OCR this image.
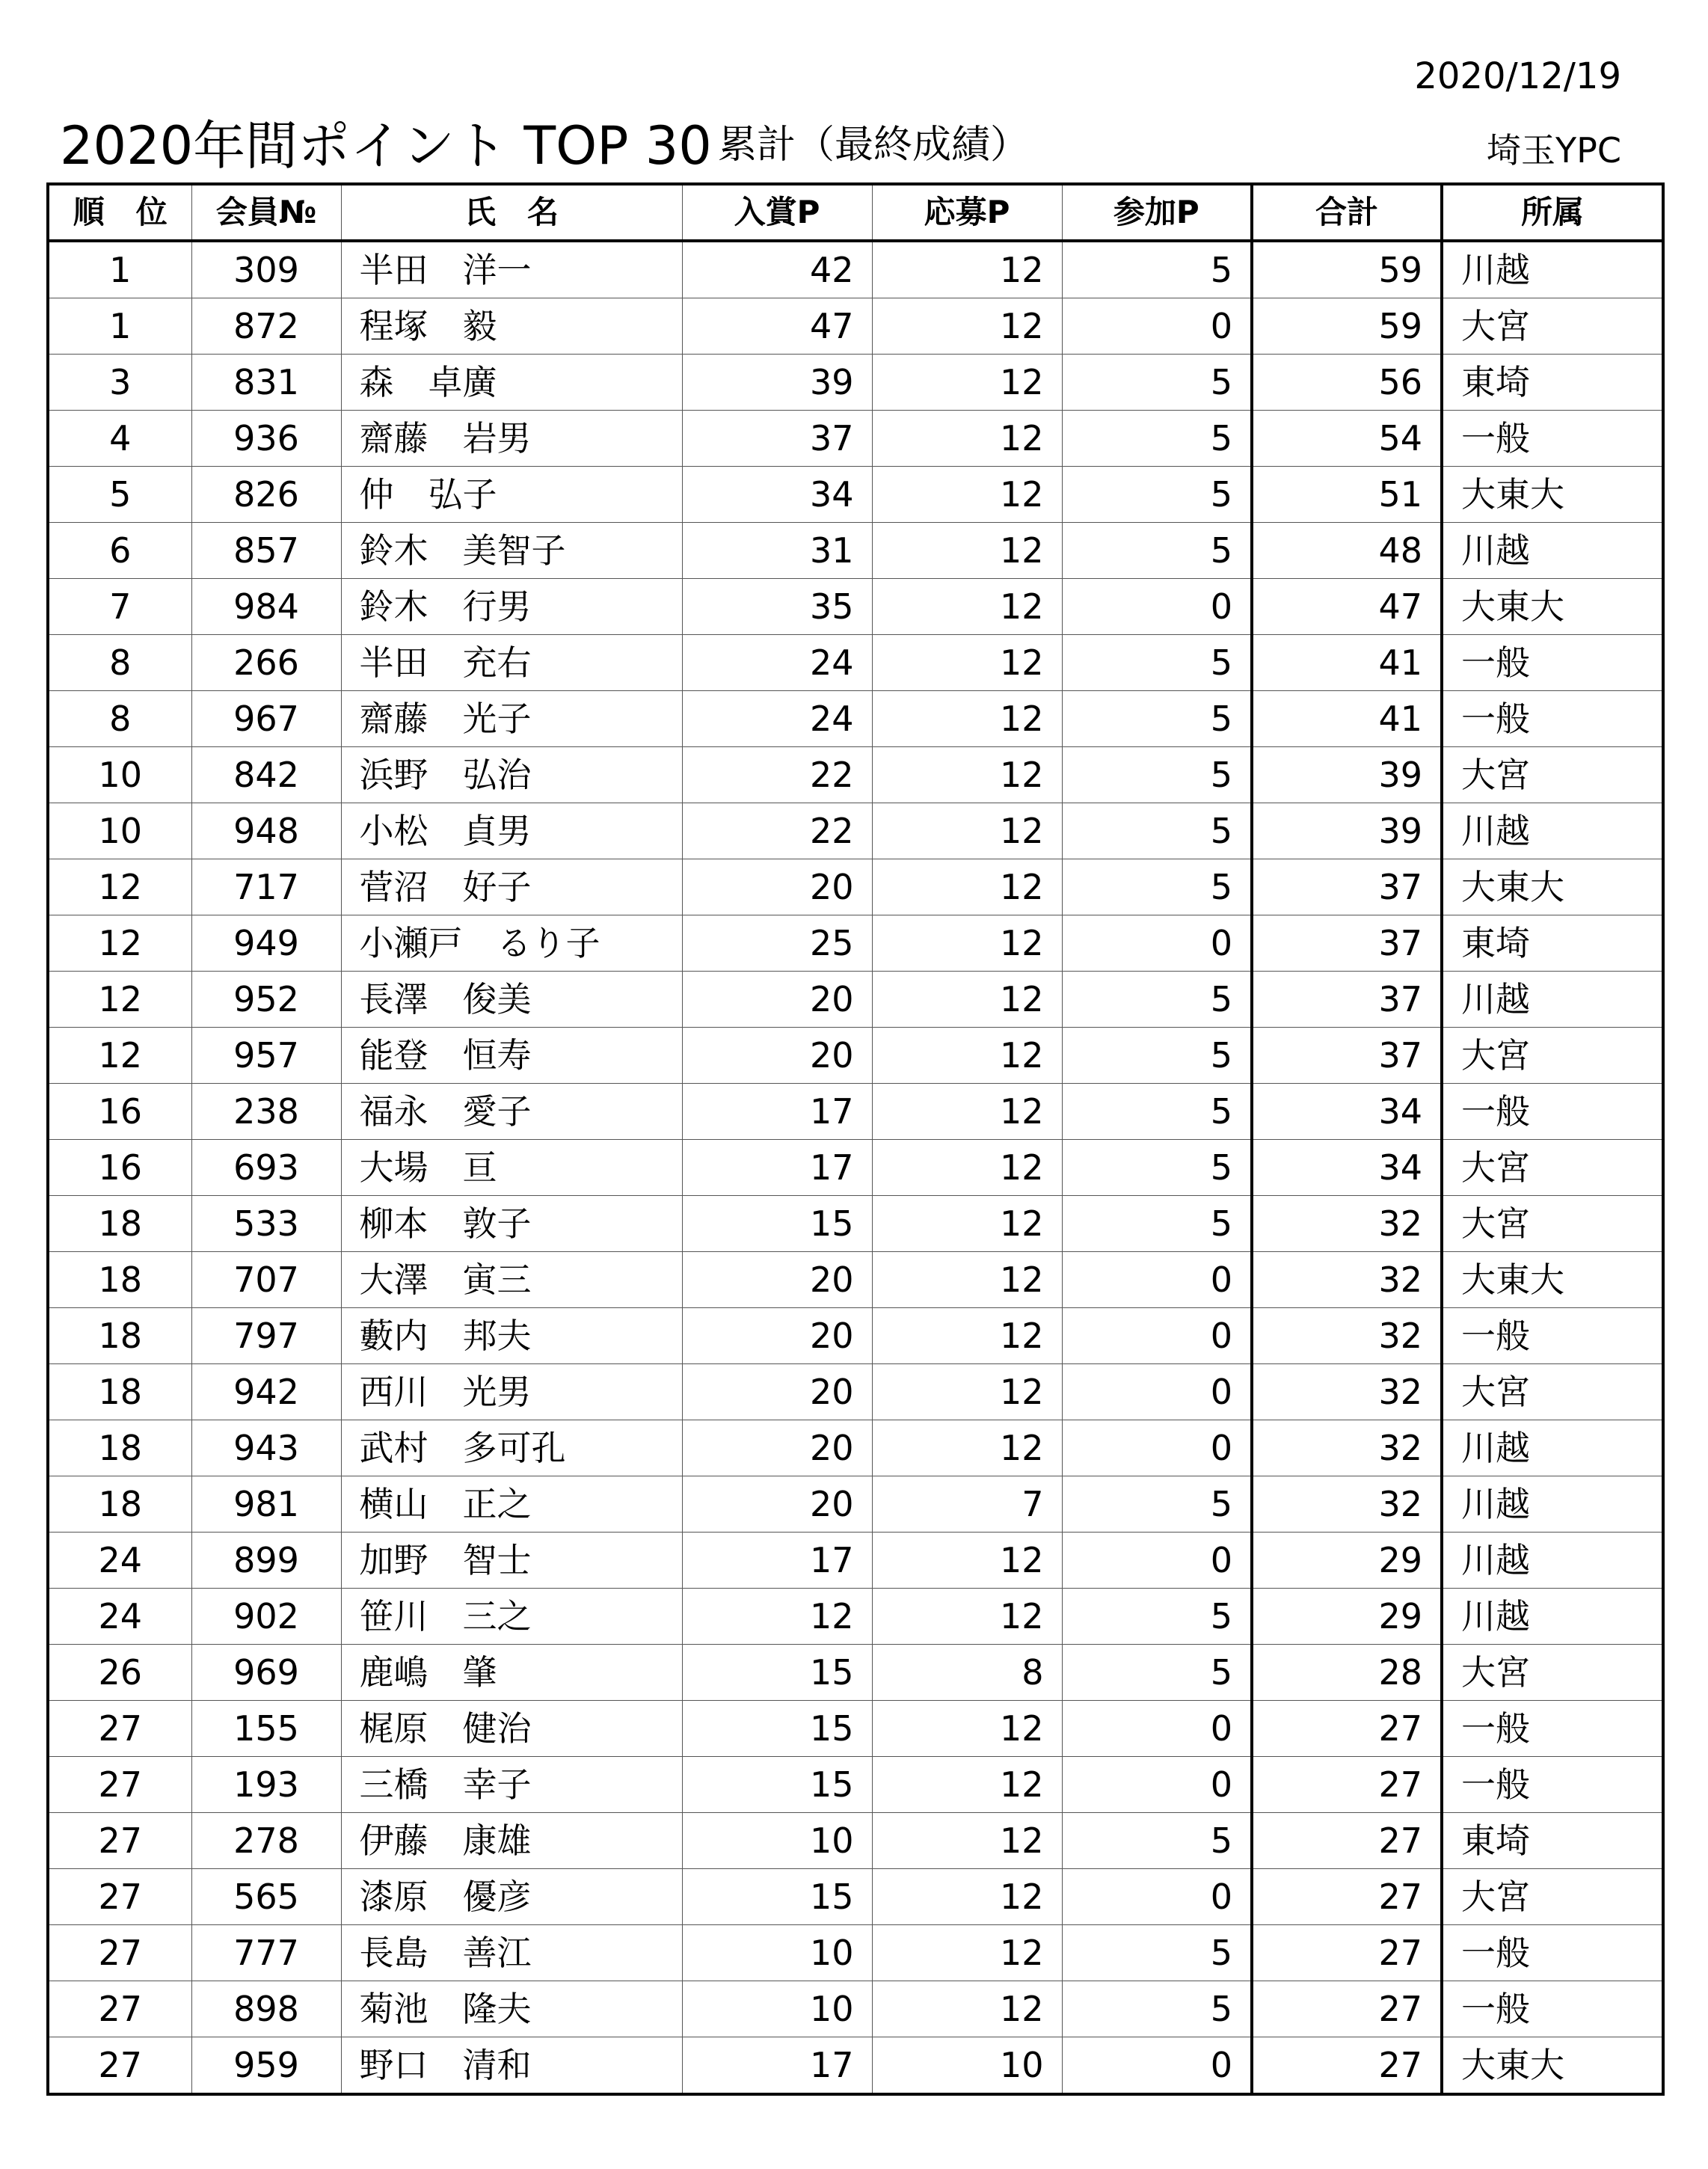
2020/12/19
2020年間ポイント TOP 30 累計（最終成績）	埼玉YPC
順　位	会員№	氏　名	入賞P	応募P	参加P	合計	所属
1	309	半田　洋一	42	12	5	59	川越
1	872	程塚　毅	47	12	0	59	大宮
3	831	森　卓廣	39	12	5	56	東埼
4	936	齋藤　岩男	37	12	5	54	一般
5	826	仲　弘子	34	12	5	51	大東大
6	857	鈴木　美智子	31	12	5	48	川越
7	984	鈴木　行男	35	12	0	47	大東大
8	266	半田　充右	24	12	5	41	一般
8	967	齋藤　光子	24	12	5	41	一般
10	842	浜野　弘治	22	12	5	39	大宮
10	948	小松　貞男	22	12	5	39	川越
12	717	菅沼　好子	20	12	5	37	大東大
12	949	小瀬戸　るり子	25	12	0	37	東埼
12	952	長澤　俊美	20	12	5	37	川越
12	957	能登　恒寿	20	12	5	37	大宮
16	238	福永　愛子	17	12	5	34	一般
16	693	大場　亘	17	12	5	34	大宮
18	533	柳本　敦子	15	12	5	32	大宮
18	707	大澤　寅三	20	12	0	32	大東大
18	797	藪内　邦夫	20	12	0	32	一般
18	942	西川　光男	20	12	0	32	大宮
18	943	武村　多可孔	20	12	0	32	川越
18	981	横山　正之	20	7	5	32	川越
24	899	加野　智士	17	12	0	29	川越
24	902	笹川　三之	12	12	5	29	川越
26	969	鹿嶋　肇	15	8	5	28	大宮
27	155	梶原　健治	15	12	0	27	一般
27	193	三橋　幸子	15	12	0	27	一般
27	278	伊藤　康雄	10	12	5	27	東埼
27	565	漆原　優彦	15	12	0	27	大宮
27	777	長島　善江	10	12	5	27	一般
27	898	菊池　隆夫	10	12	5	27	一般
27	959	野口　清和	17	10	0	27	大東大
